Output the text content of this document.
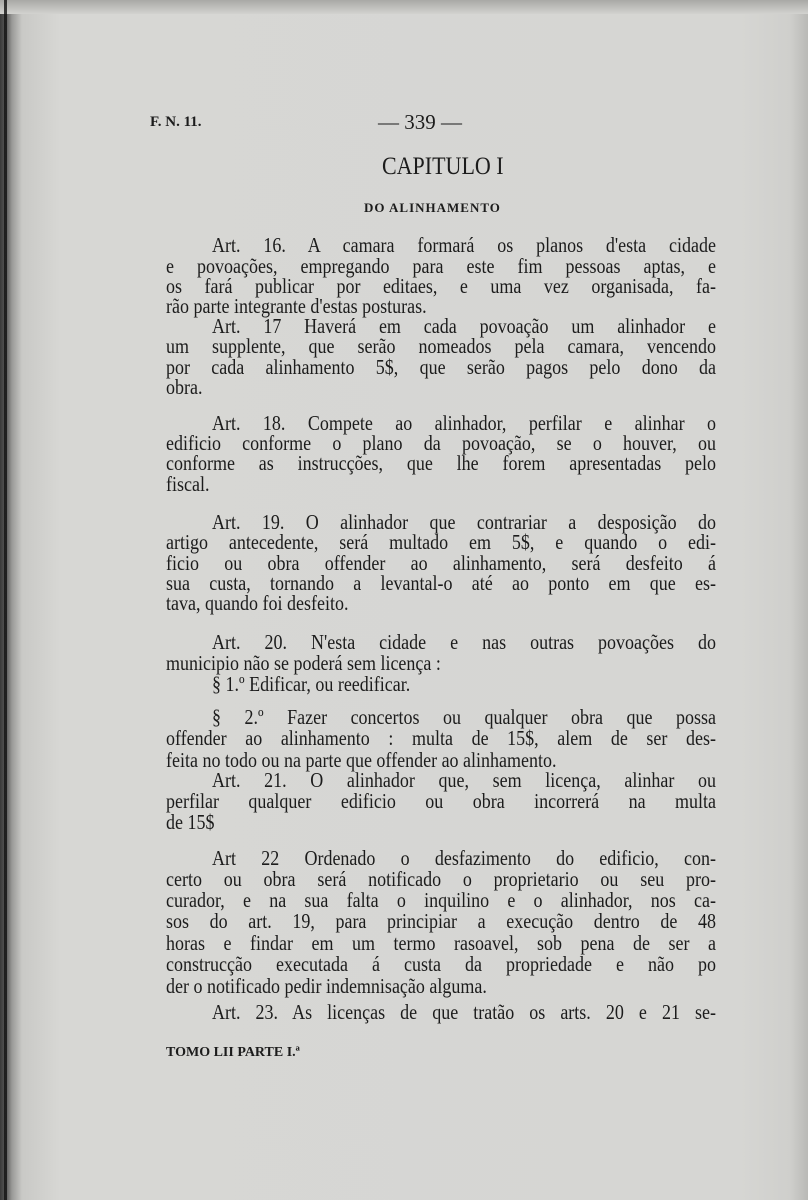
F. N. 11.	— 339 —
CAPITULO I
DO ALINHAMENTO
Art. 16. A camara formará os planos d'esta cidade
e povoações, empregando para este fim pessoas aptas, e
os fará publicar por editaes, e uma vez organisada, fa-
rão parte integrante d'estas posturas.
Art. 17 Haverá em cada povoação um alinhador e
um supplente, que serão nomeados pela camara, vencendo
por cada alinhamento 5$, que serão pagos pelo dono da
obra.
Art. 18. Compete ao alinhador, perfilar e alinhar o
edificio conforme o plano da povoação, se o houver, ou
conforme as instrucções, que lhe forem apresentadas pelo
fiscal.
Art. 19. O alinhador que contrariar a desposição do
artigo antecedente, será multado em 5$, e quando o edi-
ficio ou obra offender ao alinhamento, será desfeito á
sua custa, tornando a levantal-o até ao ponto em que es-
tava, quando foi desfeito.
Art. 20. N'esta cidade e nas outras povoações do
municipio não se poderá sem licença :
§ 1.º Edificar, ou reedificar.
§ 2.º Fazer concertos ou qualquer obra que possa
offender ao alinhamento : multa de 15$, alem de ser des-
feita no todo ou na parte que offender ao alinhamento.
Art. 21. O alinhador que, sem licença, alinhar ou
perfilar qualquer edificio ou obra incorrerá na multa
de 15$
Art 22 Ordenado o desfazimento do edificio, con-
certo ou obra será notificado o proprietario ou seu pro-
curador, e na sua falta o inquilino e o alinhador, nos ca-
sos do art. 19, para principiar a execução dentro de 48
horas e findar em um termo rasoavel, sob pena de ser a
construcção executada á custa da propriedade e não po
der o notificado pedir indemnisação alguma.
Art. 23. As licenças de que tratão os arts. 20 e 21 se-
TOMO LII PARTE I.ª
